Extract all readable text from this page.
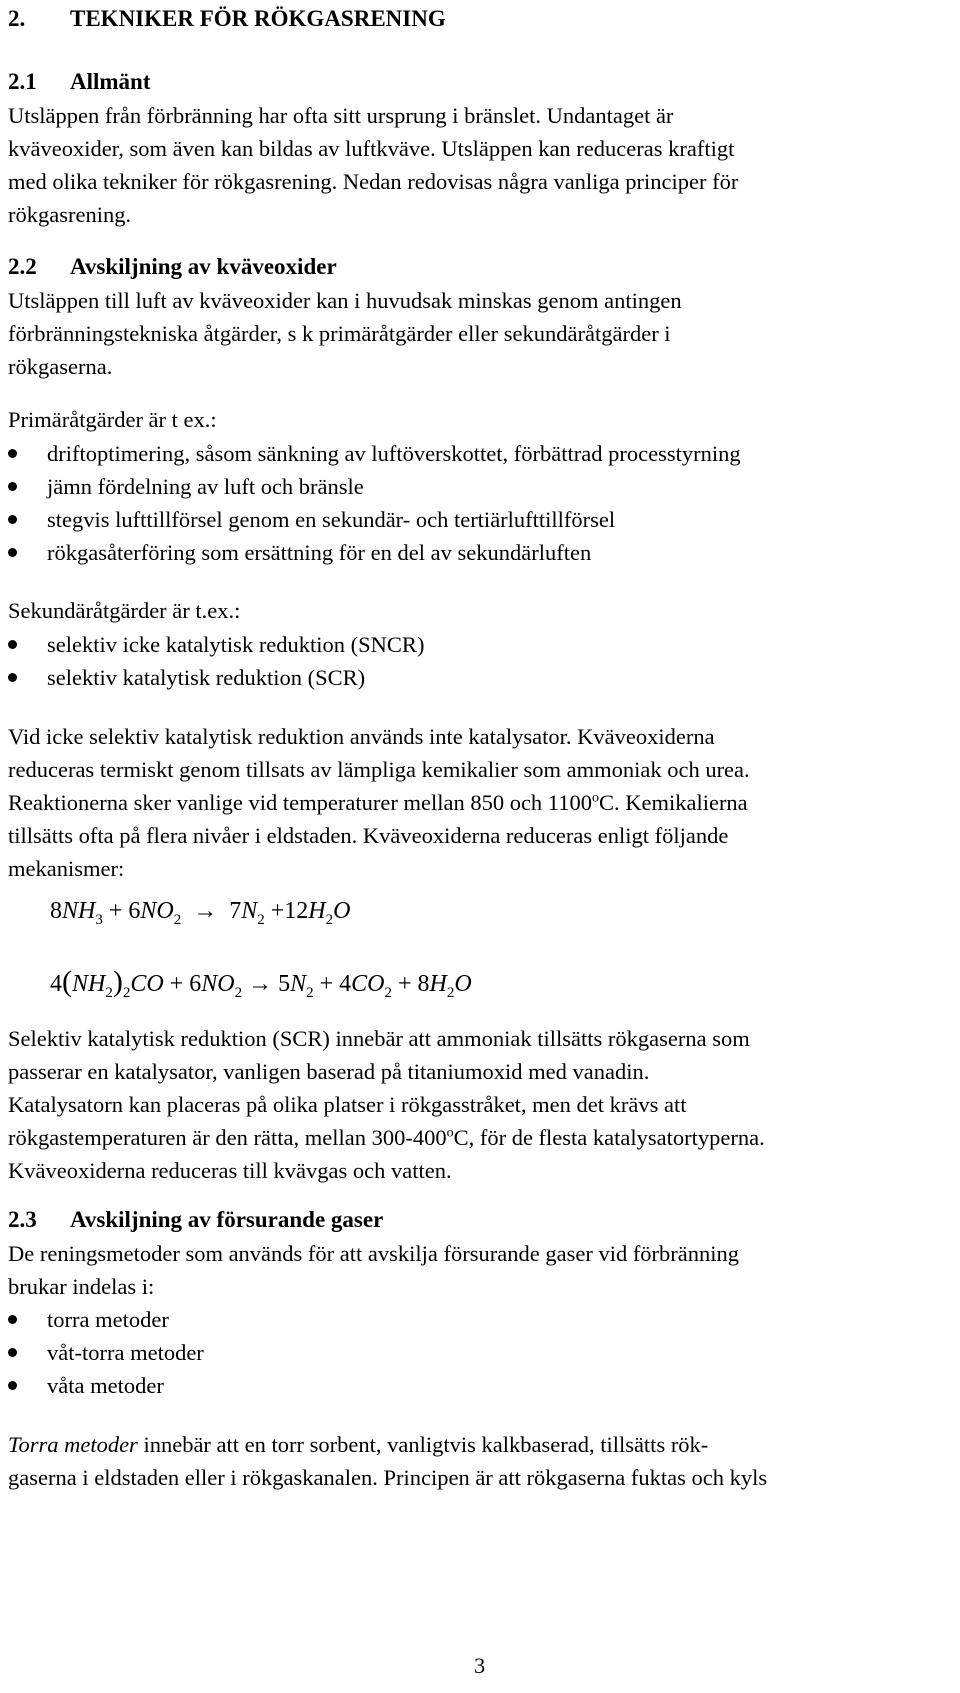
2. TEKNIKER FÖR RÖKGASRENING
2.1 Allmänt
Utsläppen från förbränning har ofta sitt ursprung i bränslet. Undantaget är
kväveoxider, som även kan bildas av luftkväve. Utsläppen kan reduceras kraftigt
med olika tekniker för rökgasrening. Nedan redovisas några vanliga principer för
rökgasrening.
2.2 Avskiljning av kväveoxider
Utsläppen till luft av kväveoxider kan i huvudsak minskas genom antingen
förbränningstekniska åtgärder, s k primäråtgärder eller sekundäråtgärder i
rökgaserna.
Primäråtgärder är t ex.:
driftoptimering, såsom sänkning av luftöverskottet, förbättrad processtyrning
jämn fördelning av luft och bränsle
stegvis lufttillförsel genom en sekundär- och tertiärlufttillförsel
rökgasåterföring som ersättning för en del av sekundärluften
Sekundäråtgärder är t.ex.:
selektiv icke katalytisk reduktion (SNCR)
selektiv katalytisk reduktion (SCR)
Vid icke selektiv katalytisk reduktion används inte katalysator. Kväveoxiderna
reduceras termiskt genom tillsats av lämpliga kemikalier som ammoniak och urea.
Reaktionerna sker vanlige vid temperaturer mellan 850 och 1100$^o$C. Kemikalierna
tillsätts ofta på flera nivåer i eldstaden. Kväveoxiderna reduceras enligt följande
mekanismer:
$8NH_3 + 6NO_2 \to 7N_2 +12H_2O$
$4(NH_2)_2CO + 6NO_2 \to 5N_2 + 4CO_2 + 8H_2O$
Selektiv katalytisk reduktion (SCR) innebär att ammoniak tillsätts rökgaserna som
passerar en katalysator, vanligen baserad på titaniumoxid med vanadin.
Katalysatorn kan placeras på olika platser i rökgasstråket, men det krävs att
rökgastemperaturen är den rätta, mellan 300-400$^o$C, för de flesta katalysatortyperna.
Kväveoxiderna reduceras till kvävgas och vatten.
2.3 Avskiljning av försurande gaser
De reningsmetoder som används för att avskilja försurande gaser vid förbränning
brukar indelas i:
torra metoder
våt-torra metoder
våta metoder
Torra metoder innebär att en torr sorbent, vanligtvis kalkbaserad, tillsätts rök-
gaserna i eldstaden eller i rökgaskanalen. Principen är att rökgaserna fuktas och kyls
3
